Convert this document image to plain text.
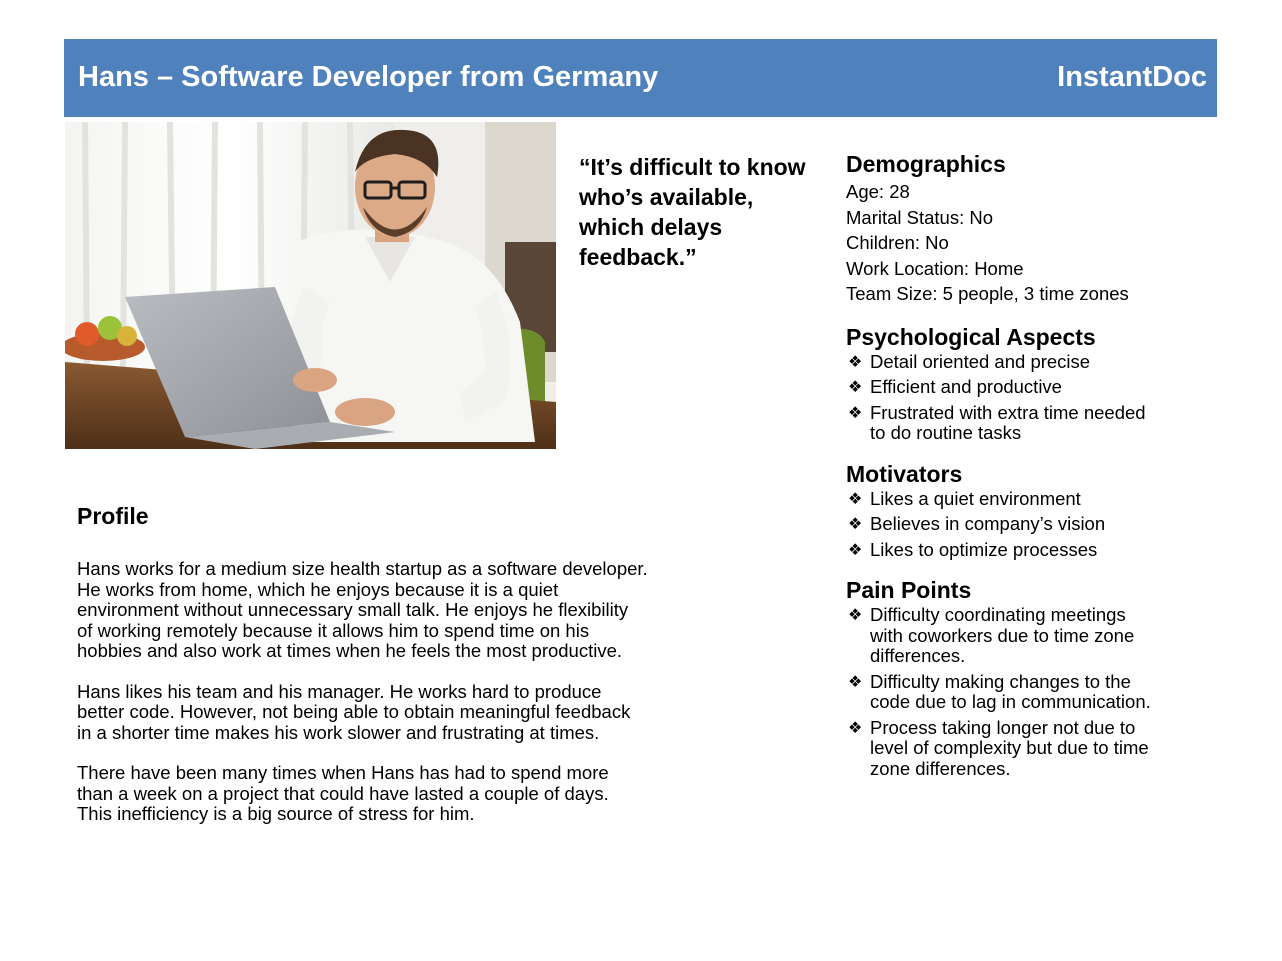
Hans – Software Developer from Germany	InstantDoc
“It’s difficult to know who’s available, which delays feedback.”
Profile

Hans works for a medium size health startup as a software developer.
He works from home, which he enjoys because it is a quiet
environment without unnecessary small talk. He enjoys he flexibility
of working remotely because it allows him to spend time on his
hobbies and also work at times when he feels the most productive.

Hans likes his team and his manager. He works hard to produce
better code. However, not being able to obtain meaningful feedback
in a shorter time makes his work slower and frustrating at times.

There have been many times when Hans has had to spend more
than a week on a project that could have lasted a couple of days.
This inefficiency is a big source of stress for him.

Demographics
Age: 28
Marital Status: No
Children: No
Work Location: Home
Team Size: 5 people, 3 time zones
Psychological Aspects
❖ Detail oriented and precise
❖ Efficient and productive
❖ Frustrated with extra time needed
to do routine tasks
Motivators
❖ Likes a quiet environment
❖ Believes in company’s vision
❖ Likes to optimize processes
Pain Points
❖ Difficulty coordinating meetings
with coworkers due to time zone
differences.
❖ Difficulty making changes to the
code due to lag in communication.
❖ Process taking longer not due to
level of complexity but due to time
zone differences.
